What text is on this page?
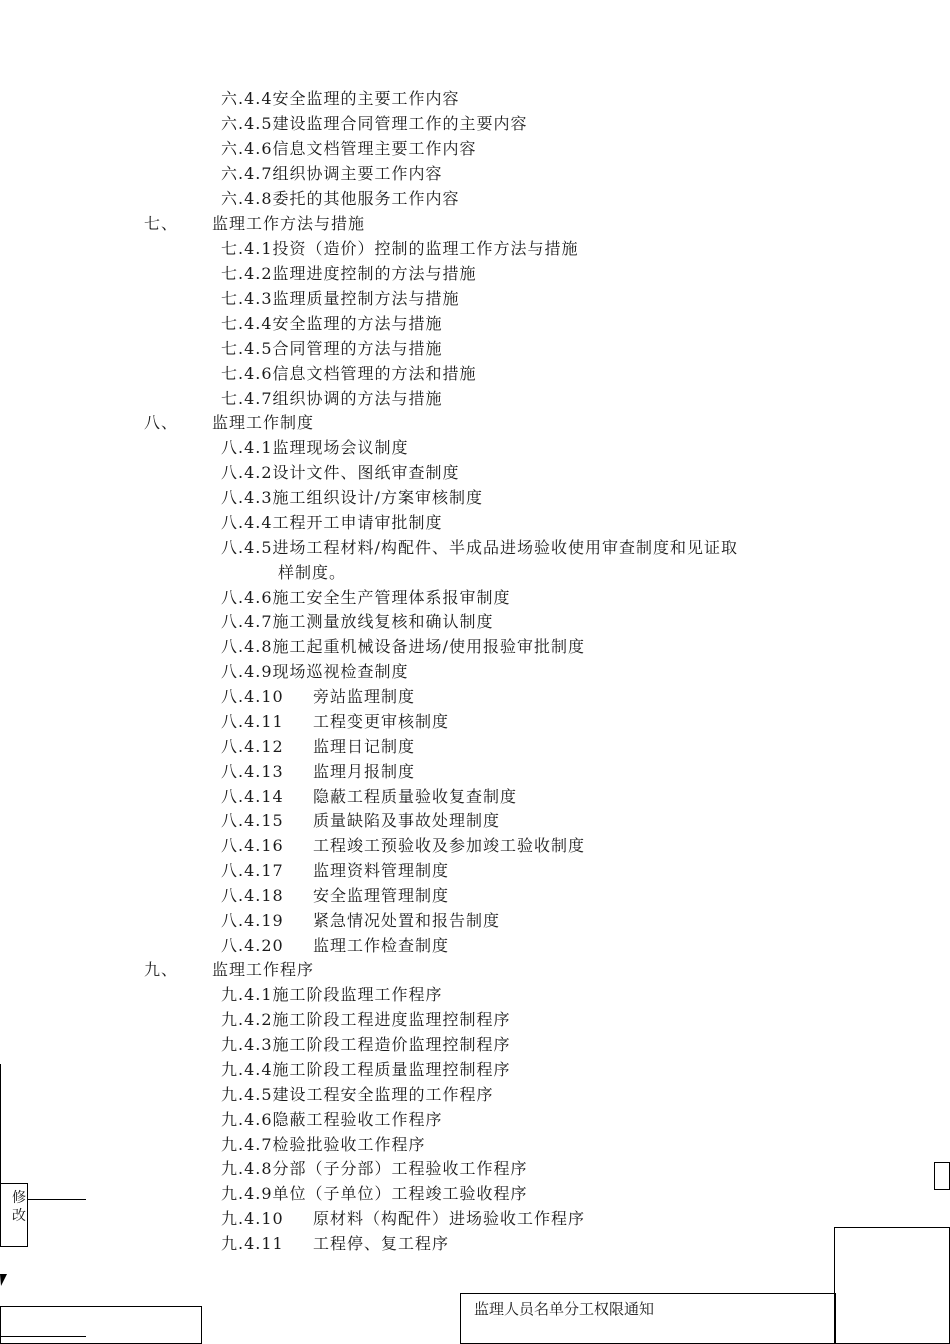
六.4.4安全监理的主要工作内容
六.4.5建设监理合同管理工作的主要内容
六.4.6信息文档管理主要工作内容
六.4.7组织协调主要工作内容
六.4.8委托的其他服务工作内容
七、 监理工作方法与措施
七.4.1投资（造价）控制的监理工作方法与措施
七.4.2监理进度控制的方法与措施
七.4.3监理质量控制方法与措施
七.4.4安全监理的方法与措施
七.4.5合同管理的方法与措施
七.4.6信息文档管理的方法和措施
七.4.7组织协调的方法与措施
八、 监理工作制度
八.4.1监理现场会议制度
八.4.2设计文件、图纸审查制度
八.4.3施工组织设计/方案审核制度
八.4.4工程开工申请审批制度
八.4.5进场工程材料/构配件、半成品进场验收使用审查制度和见证取
样制度。
八.4.6施工安全生产管理体系报审制度
八.4.7施工测量放线复核和确认制度
八.4.8施工起重机械设备进场/使用报验审批制度
八.4.9现场巡视检查制度
八.4.10 旁站监理制度
八.4.11 工程变更审核制度
八.4.12 监理日记制度
八.4.13 监理月报制度
八.4.14 隐蔽工程质量验收复查制度
八.4.15 质量缺陷及事故处理制度
八.4.16 工程竣工预验收及参加竣工验收制度
八.4.17 监理资料管理制度
八.4.18 安全监理管理制度
八.4.19 紧急情况处置和报告制度
八.4.20 监理工作检查制度
九、 监理工作程序
九.4.1施工阶段监理工作程序
九.4.2施工阶段工程进度监理控制程序
九.4.3施工阶段工程造价监理控制程序
九.4.4施工阶段工程质量监理控制程序
九.4.5建设工程安全监理的工作程序
九.4.6隐蔽工程验收工作程序
九.4.7检验批验收工作程序
九.4.8分部（子分部）工程验收工作程序
九.4.9单位（子单位）工程竣工验收程序
九.4.10 原材料（构配件）进场验收工作程序
九.4.11 工程停、复工程序
修
改
监理人员名单分工权限通知
